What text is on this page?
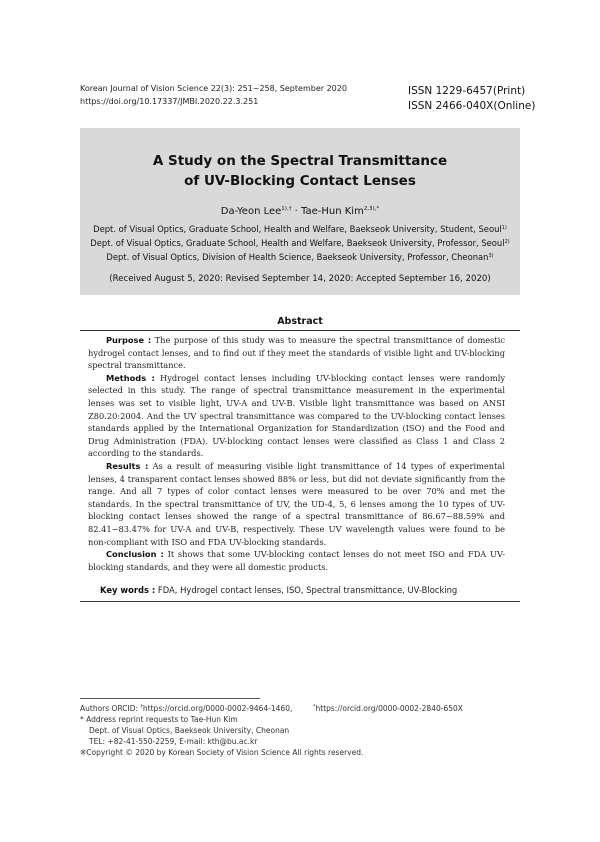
Korean Journal of Vision Science 22(3): 251~258, September 2020
https://doi.org/10.17337/JMBI.2020.22.3.251
ISSN 1229-6457(Print)
ISSN 2466-040X(Online)
A Study on the Spectral Transmittance
of UV-Blocking Contact Lenses
Da-Yeon Lee$^{1),\dagger}$ · Tae-Hun Kim$^{2,3),*}$
Dept. of Visual Optics, Graduate School, Health and Welfare, Baekseok University, Student, Seoul$^{1)}$
Dept. of Visual Optics, Graduate School, Health and Welfare, Baekseok University, Professor, Seoul$^{2)}$
Dept. of Visual Optics, Division of Health Science, Baekseok University, Professor, Cheonan$^{3)}$
(Received August 5, 2020: Revised September 14, 2020: Accepted September 16, 2020)
Abstract

Purpose : The purpose of this study was to measure the spectral transmittance of domestic hydrogel contact lenses, and to find out if they meet the standards of visible light and UV-blocking spectral transmittance.

Methods : Hydrogel contact lenses including UV-blocking contact lenses were randomly selected in this study. The range of spectral transmittance measurement in the experimental lenses was set to visible light, UV-A and UV-B. Visible light transmittance was based on ANSI Z80.20:2004. And the UV spectral transmittance was compared to the UV-blocking contact lenses standards applied by the International Organization for Standardization (ISO) and the Food and Drug Administration (FDA). UV-blocking contact lenses were classified as Class 1 and Class 2 according to the standards.

Results : As a result of measuring visible light transmittance of 14 types of experimental lenses, 4 transparent contact lenses showed 88% or less, but did not deviate significantly from the range. And all 7 types of color contact lenses were measured to be over 70% and met the standards. In the spectral transmittance of UV, the UD-4, 5, 6 lenses among the 10 types of UV-blocking contact lenses showed the range of a spectral transmittance of 86.67~88.59% and 82.41~83.47% for UV-A and UV-B, respectively. These UV wavelength values were found to be non-compliant with ISO and FDA UV-blocking standards.

Conclusion : It shows that some UV-blocking contact lenses do not meet ISO and FDA UV-blocking standards, and they were all domestic products.

Key words : FDA, Hydrogel contact lenses, ISO, Spectral transmittance, UV-Blocking
Authors ORCID: †https://orcid.org/0000-0002-9464-1460,	*https://orcid.org/0000-0002-2840-650X
* Address reprint requests to Tae-Hun Kim
Dept. of Visual Optics, Baekseok University, Cheonan
TEL: +82-41-550-2259, E-mail: kth@bu.ac.kr
※Copyright © 2020 by Korean Society of Vision Science All rights reserved.
